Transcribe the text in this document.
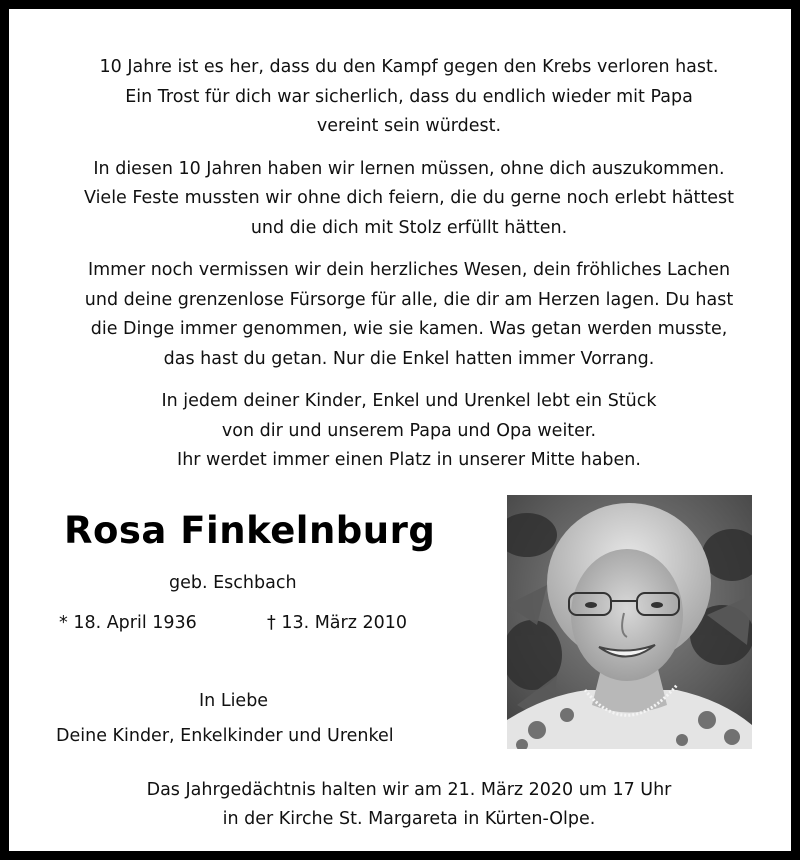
10 Jahre ist es her, dass du den Kampf gegen den Krebs verloren hast.
Ein Trost für dich war sicherlich, dass du endlich wieder mit Papa
vereint sein würdest.

In diesen 10 Jahren haben wir lernen müssen, ohne dich auszukommen.
Viele Feste mussten wir ohne dich feiern, die du gerne noch erlebt hättest
und die dich mit Stolz erfüllt hätten.

Immer noch vermissen wir dein herzliches Wesen, dein fröhliches Lachen
und deine grenzenlose Fürsorge für alle, die dir am Herzen lagen. Du hast
die Dinge immer genommen, wie sie kamen. Was getan werden musste,
das hast du getan. Nur die Enkel hatten immer Vorrang.

In jedem deiner Kinder, Enkel und Urenkel lebt ein Stück
von dir und unserem Papa und Opa weiter.
Ihr werdet immer einen Platz in unserer Mitte haben.

Rosa Finkelnburg
geb. Eschbach
* 18. April 1936	† 13. März 2010
In Liebe
Deine Kinder, Enkelkinder und Urenkel
Das Jahrgedächtnis halten wir am 21. März 2020 um 17 Uhr
in der Kirche St. Margareta in Kürten-Olpe.
